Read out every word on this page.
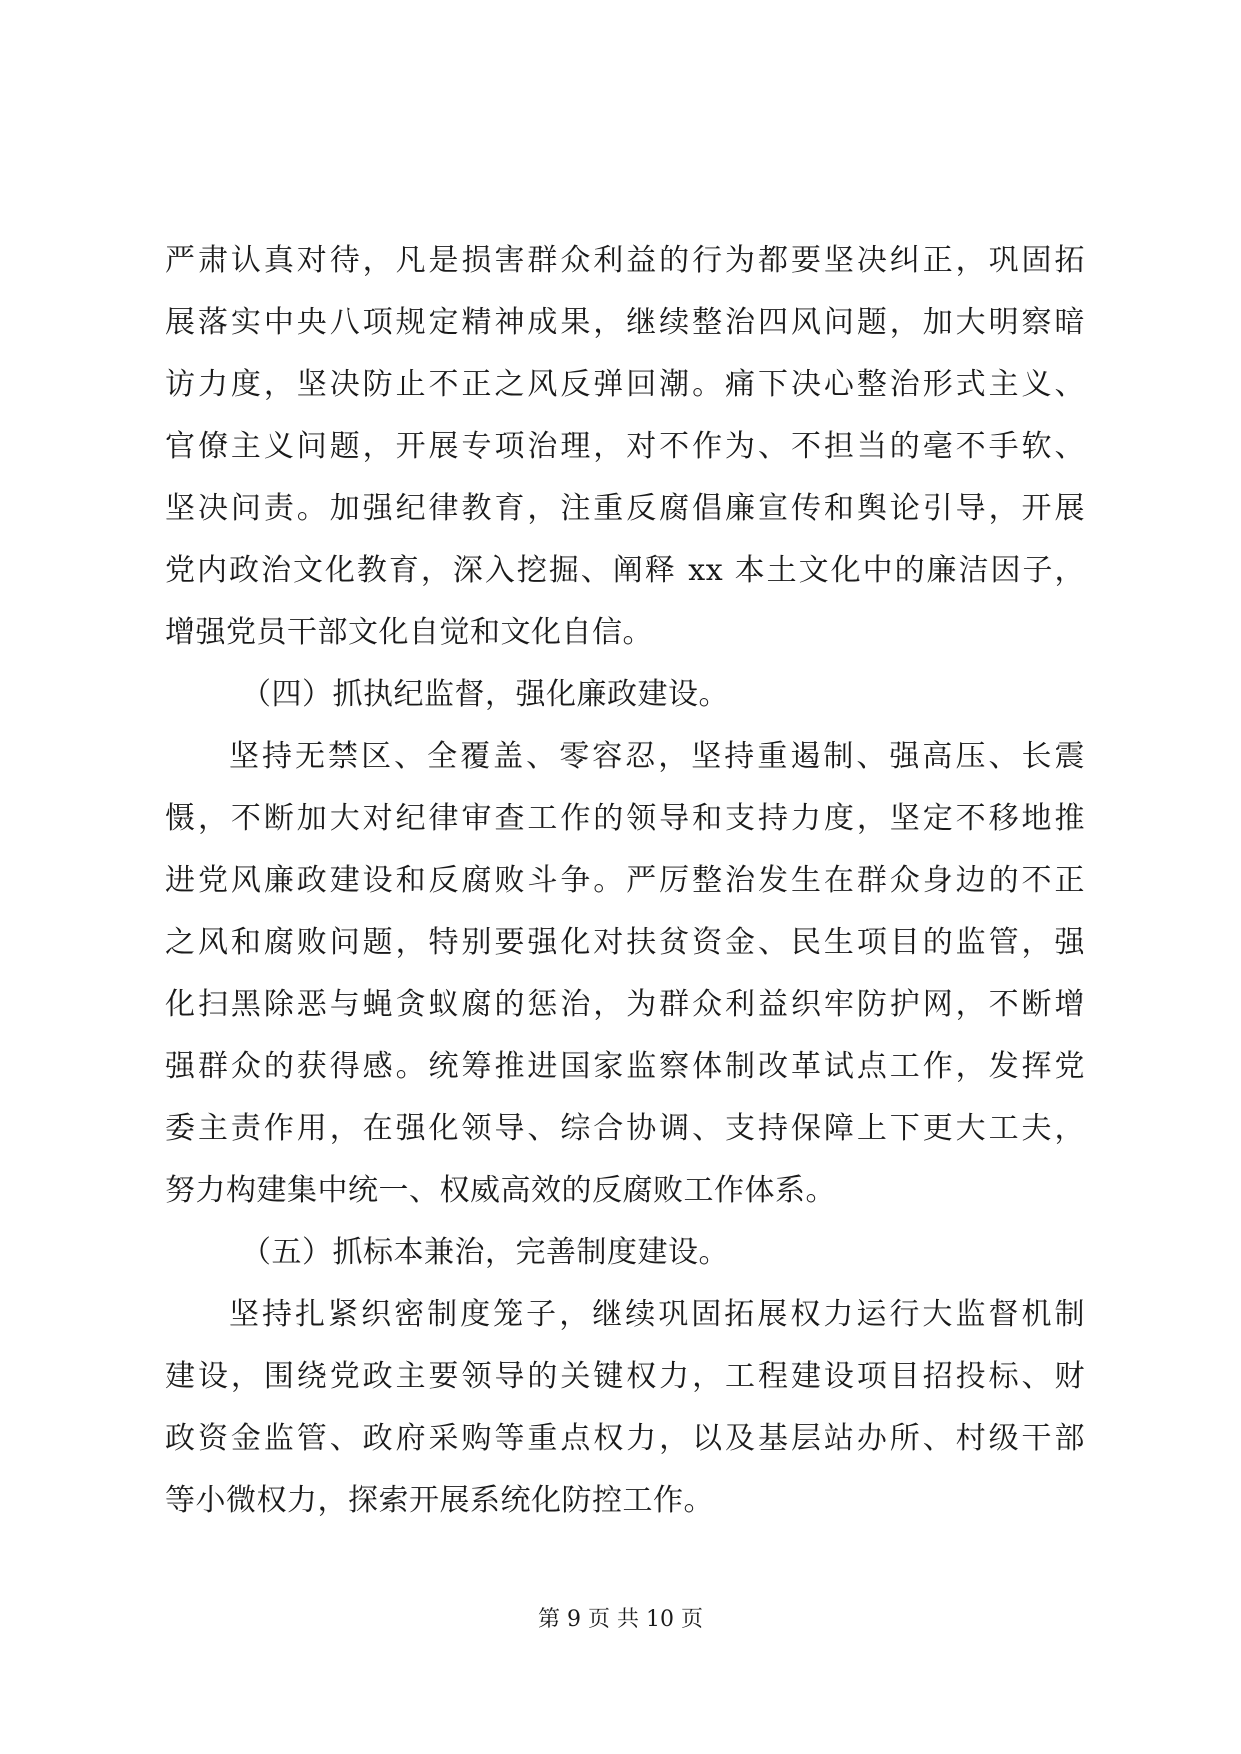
严肃认真对待，凡是损害群众利益的行为都要坚决纠正，巩固拓
展落实中央八项规定精神成果，继续整治四风问题，加大明察暗
访力度，坚决防止不正之风反弹回潮。痛下决心整治形式主义、
官僚主义问题，开展专项治理，对不作为、不担当的毫不手软、
坚决问责。加强纪律教育，注重反腐倡廉宣传和舆论引导，开展
党内政治文化教育，深入挖掘、阐释 xx 本土文化中的廉洁因子，
增强党员干部文化自觉和文化自信。
（四）抓执纪监督，强化廉政建设。
坚持无禁区、全覆盖、零容忍，坚持重遏制、强高压、长震
慑，不断加大对纪律审查工作的领导和支持力度，坚定不移地推
进党风廉政建设和反腐败斗争。严厉整治发生在群众身边的不正
之风和腐败问题，特别要强化对扶贫资金、民生项目的监管，强
化扫黑除恶与蝇贪蚁腐的惩治，为群众利益织牢防护网，不断增
强群众的获得感。统筹推进国家监察体制改革试点工作，发挥党
委主责作用，在强化领导、综合协调、支持保障上下更大工夫，
努力构建集中统一、权威高效的反腐败工作体系。
（五）抓标本兼治，完善制度建设。
坚持扎紧织密制度笼子，继续巩固拓展权力运行大监督机制
建设，围绕党政主要领导的关键权力，工程建设项目招投标、财
政资金监管、政府采购等重点权力，以及基层站办所、村级干部
等小微权力，探索开展系统化防控工作。
第 9 页 共 10 页
